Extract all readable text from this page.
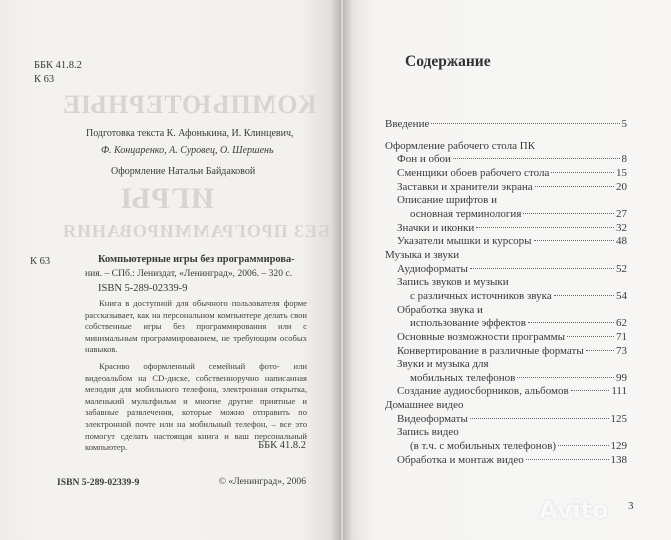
КОМПЬЮТЕРНЫЕ
ИГРЫ
БЕЗ ПРОГРАММИРОВАНИЯ
ББК 41.8.2
К 63
Подготовка текста К. Афонькина, И. Клинцевич,
Ф. Концаренко, А. Суровец, О. Шершень
Оформление Натальи Байдаковой
К 63	Компьютерные игры без программирова-
ния. – СПб.: Лениздат, «Ленинград», 2006. – 320 с.
ISBN 5-289-02339-9

Книга в доступной для обычного пользователя форме рассказывает, как на персональном компьютере делать свои собственные игры без программирования или с минимальным программированием, не требующим особых навыков.

Красиво оформленный семейный фото- или видеоальбом на CD-диске, собственноручно написанная мелодия для мобильного телефона, электронная открытка, маленький мультфильм и многие другие приятные и забавные развлечения, которые можно отправить по электронной почте или на мобильный телефон, – все это помогут сделать настоящая книга и ваш персональный компьютер.	ББК 41.8.2
ISBN 5-289-02339-9	© «Ленинград», 2006
Содержание
Введение	5
Оформление рабочего стола ПК
Фон и обои	8
Сменщики обоев рабочего стола	15
Заставки и хранители экрана	20
Описание шрифтов и
основная терминология	27
Значки и иконки	32
Указатели мышки и курсоры	48
Музыка и звуки
Аудиоформаты	52
Запись звуков и музыки
с различных источников звука	54
Обработка звука и
использование эффектов	62
Основные возможности программы	71
Конвертирование в различные форматы	73
Звуки и музыка для
мобильных телефонов	99
Создание аудиосборников, альбомов	111
Домашнее видео
Видеоформаты	125
Запись видео
(в т.ч. с мобильных телефонов)	129
Обработка и монтаж видео	138
Avito 3
